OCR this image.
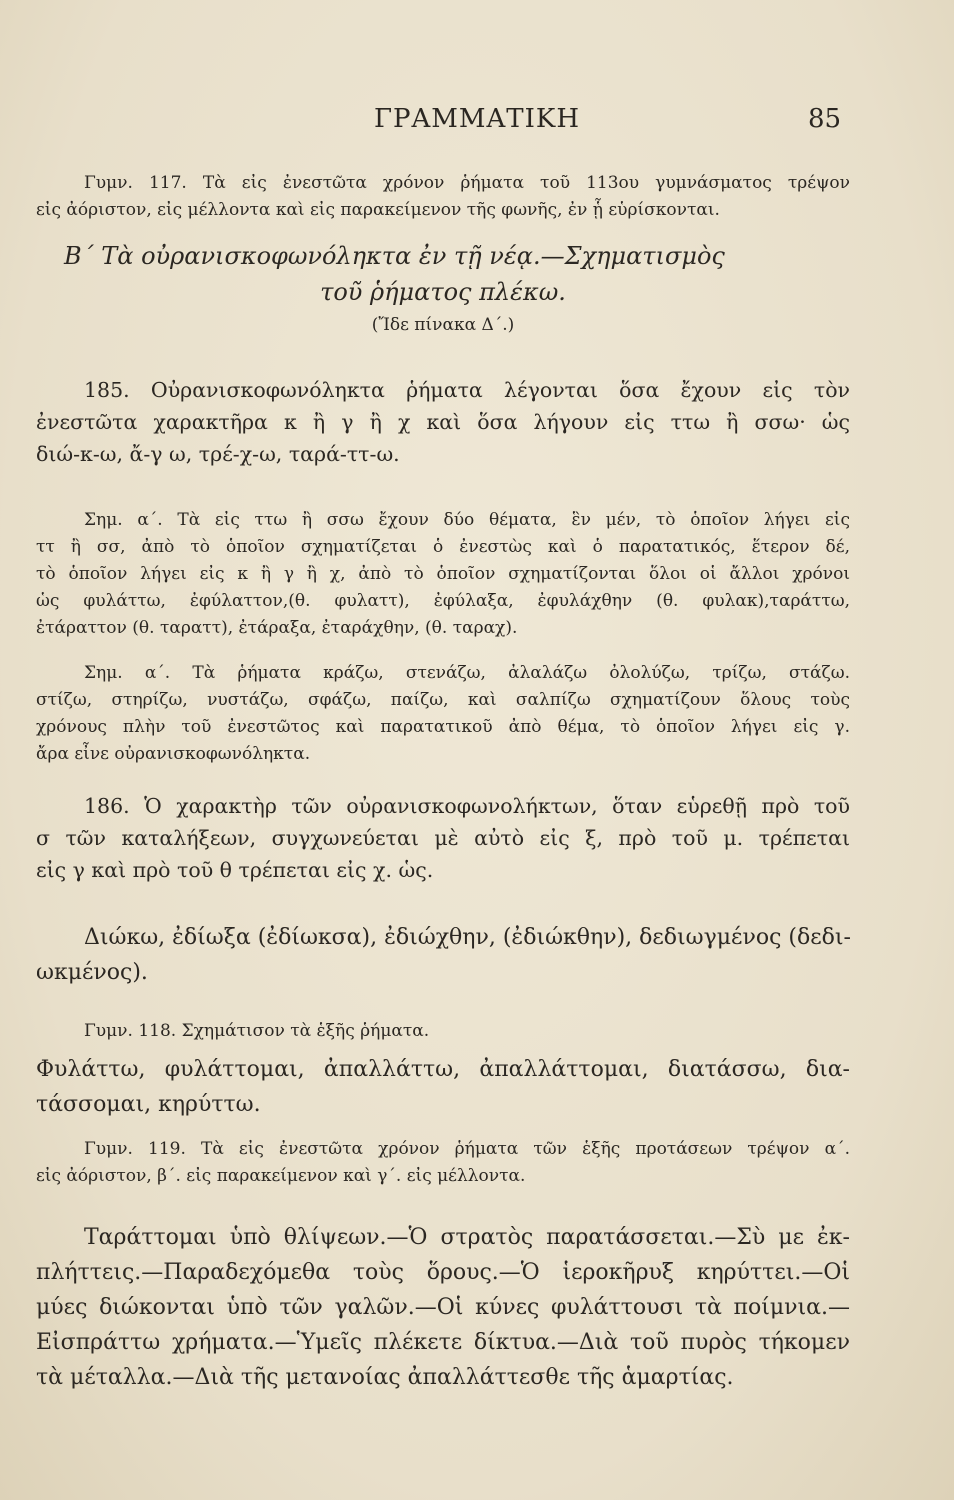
ΓΡΑΜΜΑΤΙΚΗ	85
Γυμν. 117. Τὰ εἰς ἐνεστῶτα χρόνον ῥήματα τοῦ 113ου γυμνάσματος τρέψον
εἰς ἀόριστον, εἰς μέλλοντα καὶ εἰς παρακείμενον τῆς φωνῆς, ἐν ᾗ εὑρίσκονται.
Β΄ Τὰ οὐρανισκοφωνόληκτα ἐν τῇ νέᾳ.—Σχηματισμὸς
τοῦ ῥήματος πλέκω.
(Ἴδε πίνακα Δ΄.)
185. Οὐρανισκοφωνόληκτα ῥήματα λέγονται ὅσα ἔχουν εἰς τὸν
ἐνεστῶτα χαρακτῆρα κ ἢ γ ἢ χ καὶ ὅσα λήγουν εἰς ττω ἢ σσω· ὡς
διώ-κ-ω, ἄ-γ ω, τρέ-χ-ω, ταρά-ττ-ω.
Σημ. α΄. Τὰ εἰς ττω ἢ σσω ἔχουν δύο θέματα, ἓν μέν, τὸ ὁποῖον λήγει εἰς
ττ ἢ σσ, ἀπὸ τὸ ὁποῖον σχηματίζεται ὁ ἐνεστὼς καὶ ὁ παρατατικός, ἕτερον δέ,
τὸ ὁποῖον λήγει εἰς κ ἢ γ ἢ χ, ἀπὸ τὸ ὁποῖον σχηματίζονται ὅλοι οἱ ἄλλοι χρόνοι
ὡς φυλάττω, ἐφύλαττον,(θ. φυλαττ), ἐφύλαξα, ἐφυλάχθην (θ. φυλακ),ταράττω,
ἐτάραττον (θ. ταραττ), ἐτάραξα, ἐταράχθην, (θ. ταραχ).
Σημ. α΄. Τὰ ῥήματα κράζω, στενάζω, ἀλαλάζω ὀλολύζω, τρίζω, στάζω.
στίζω, στηρίζω, νυστάζω, σφάζω, παίζω, καὶ σαλπίζω σχηματίζουν ὅλους τοὺς
χρόνους πλὴν τοῦ ἐνεστῶτος καὶ παρατατικοῦ ἀπὸ θέμα, τὸ ὁποῖον λήγει εἰς γ.
ἄρα εἶνε οὐρανισκοφωνόληκτα.
186. Ὁ χαρακτὴρ τῶν οὐρανισκοφωνολήκτων, ὅταν εὑρεθῇ πρὸ τοῦ
σ τῶν καταλήξεων, συγχωνεύεται μὲ αὐτὸ εἰς ξ, πρὸ τοῦ μ. τρέπεται
εἰς γ καὶ πρὸ τοῦ θ τρέπεται εἰς χ. ὡς.
Διώκω, ἐδίωξα (ἐδίωκσα), ἐδιώχθην, (ἐδιώκθην), δεδιωγμένος (δεδι-
ωκμένος).
Γυμν. 118. Σχημάτισον τὰ ἑξῆς ῥήματα.
Φυλάττω, φυλάττομαι, ἀπαλλάττω, ἀπαλλάττομαι, διατάσσω, δια-
τάσσομαι, κηρύττω.
Γυμν. 119. Τὰ εἰς ἐνεστῶτα χρόνον ῥήματα τῶν ἑξῆς προτάσεων τρέψον α΄.
εἰς ἀόριστον, β΄. εἰς παρακείμενον καὶ γ΄. εἰς μέλλοντα.
Ταράττομαι ὑπὸ θλίψεων.—Ὁ στρατὸς παρατάσσεται.—Σὺ με ἐκ-
πλήττεις.—Παραδεχόμεθα τοὺς ὅρους.—Ὁ ἱεροκῆρυξ κηρύττει.—Οἱ
μύες διώκονται ὑπὸ τῶν γαλῶν.—Οἱ κύνες φυλάττουσι τὰ ποίμνια.—
Εἰσπράττω χρήματα.—Ὑμεῖς πλέκετε δίκτυα.—Διὰ τοῦ πυρὸς τήκομεν
τὰ μέταλλα.—Διὰ τῆς μετανοίας ἀπαλλάττεσθε τῆς ἁμαρτίας.
